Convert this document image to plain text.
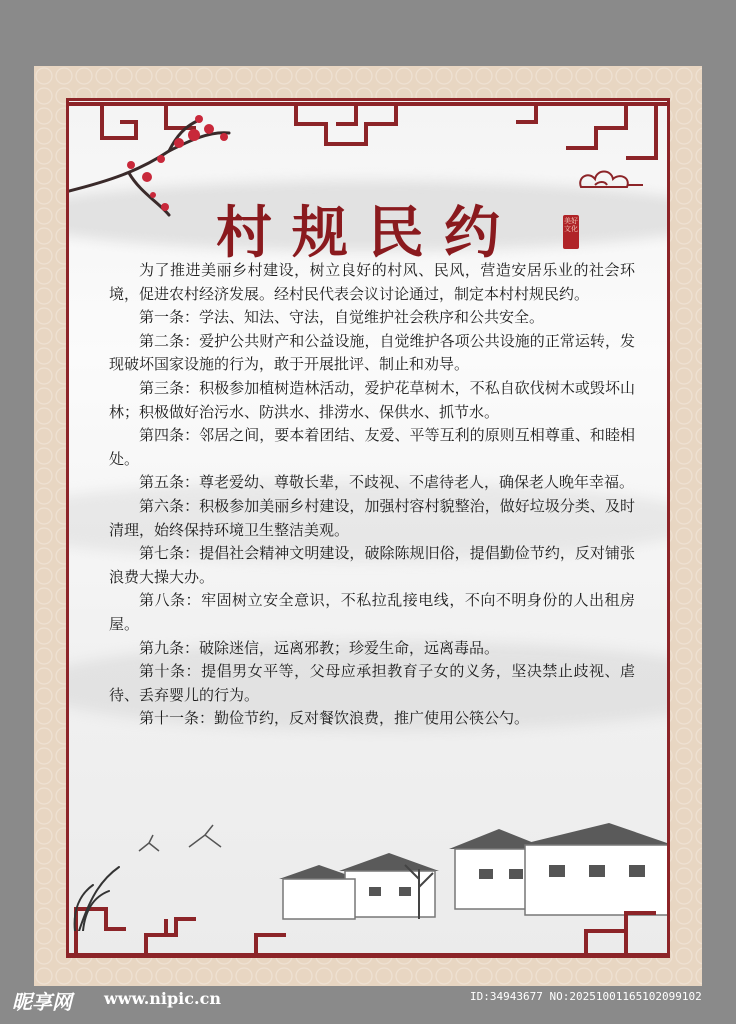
村规民约	美好文化

为了推进美丽乡村建设，树立良好的村风、民风，营造安居乐业的社会环境，促进农村经济发展。经村民代表会议讨论通过，制定本村村规民约。

第一条：学法、知法、守法，自觉维护社会秩序和公共安全。

第二条：爱护公共财产和公益设施，自觉维护各项公共设施的正常运转，发现破坏国家设施的行为，敢于开展批评、制止和劝导。

第三条：积极参加植树造林活动，爱护花草树木，不私自砍伐树木或毁坏山林；积极做好治污水、防洪水、排涝水、保供水、抓节水。

第四条：邻居之间，要本着团结、友爱、平等互利的原则互相尊重、和睦相处。

第五条：尊老爱幼、尊敬长辈，不歧视、不虐待老人，确保老人晚年幸福。

第六条：积极参加美丽乡村建设，加强村容村貌整治，做好垃圾分类、及时清理，始终保持环境卫生整洁美观。

第七条：提倡社会精神文明建设，破除陈规旧俗，提倡勤俭节约，反对铺张浪费大操大办。

第八条：牢固树立安全意识，不私拉乱接电线，不向不明身份的人出租房屋。

第九条：破除迷信，远离邪教；珍爱生命，远离毒品。

第十条：提倡男女平等，父母应承担教育子女的义务，坚决禁止歧视、虐待、丢弃婴儿的行为。

第十一条：勤俭节约，反对餐饮浪费，推广使用公筷公勺。

昵享网 www.nipic.cn	ID:34943677 NO:20251001165102099102
